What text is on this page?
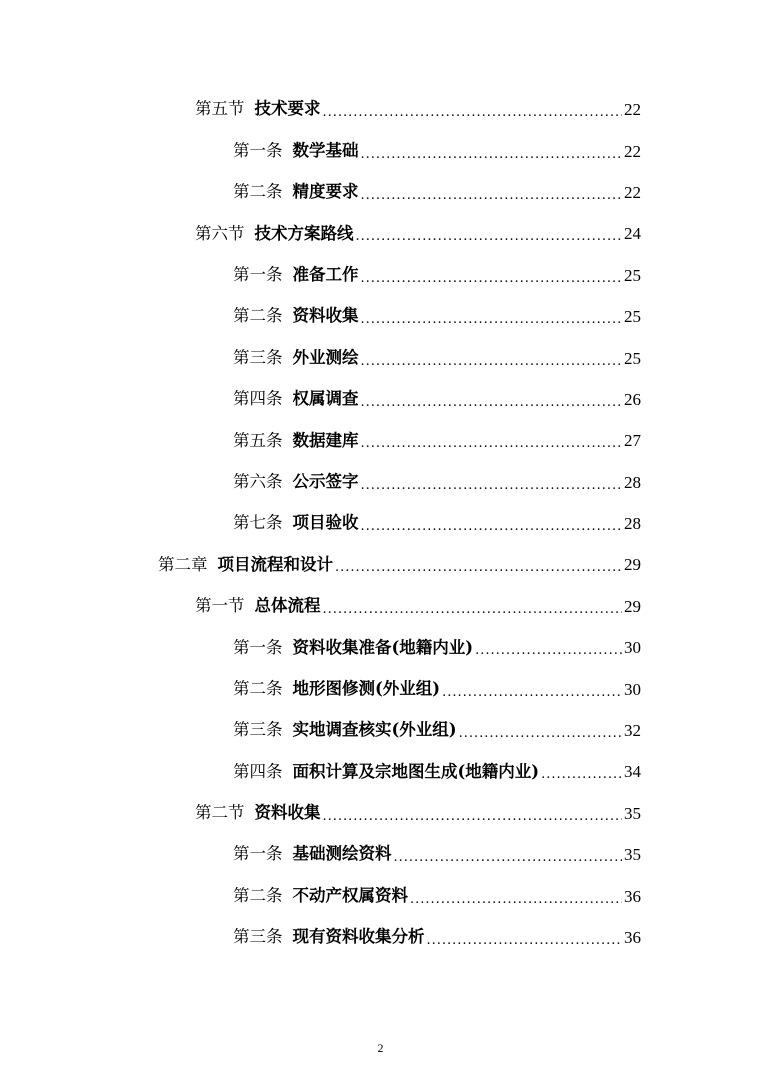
第五节 技术要求 .....	22
第一条 数学基础 .....	22
第二条 精度要求 .....	22
第六节 技术方案路线 .....	24
第一条 准备工作 .....	25
第二条 资料收集 .....	25
第三条 外业测绘 .....	25
第四条 权属调查 .....	26
第五条 数据建库 .....	27
第六条 公示签字 .....	28
第七条 项目验收 .....	28
第二章 项目流程和设计 .....	29
第一节 总体流程 .....	29
第一条 资料收集准备(地籍内业) .....	30
第二条 地形图修测(外业组) .....	30
第三条 实地调查核实(外业组) .....	32
第四条 面积计算及宗地图生成(地籍内业) .....	34
第二节 资料收集 .....	35
第一条 基础测绘资料 .....	35
第二条 不动产权属资料 .....	36
第三条 现有资料收集分析 .....	36
2
